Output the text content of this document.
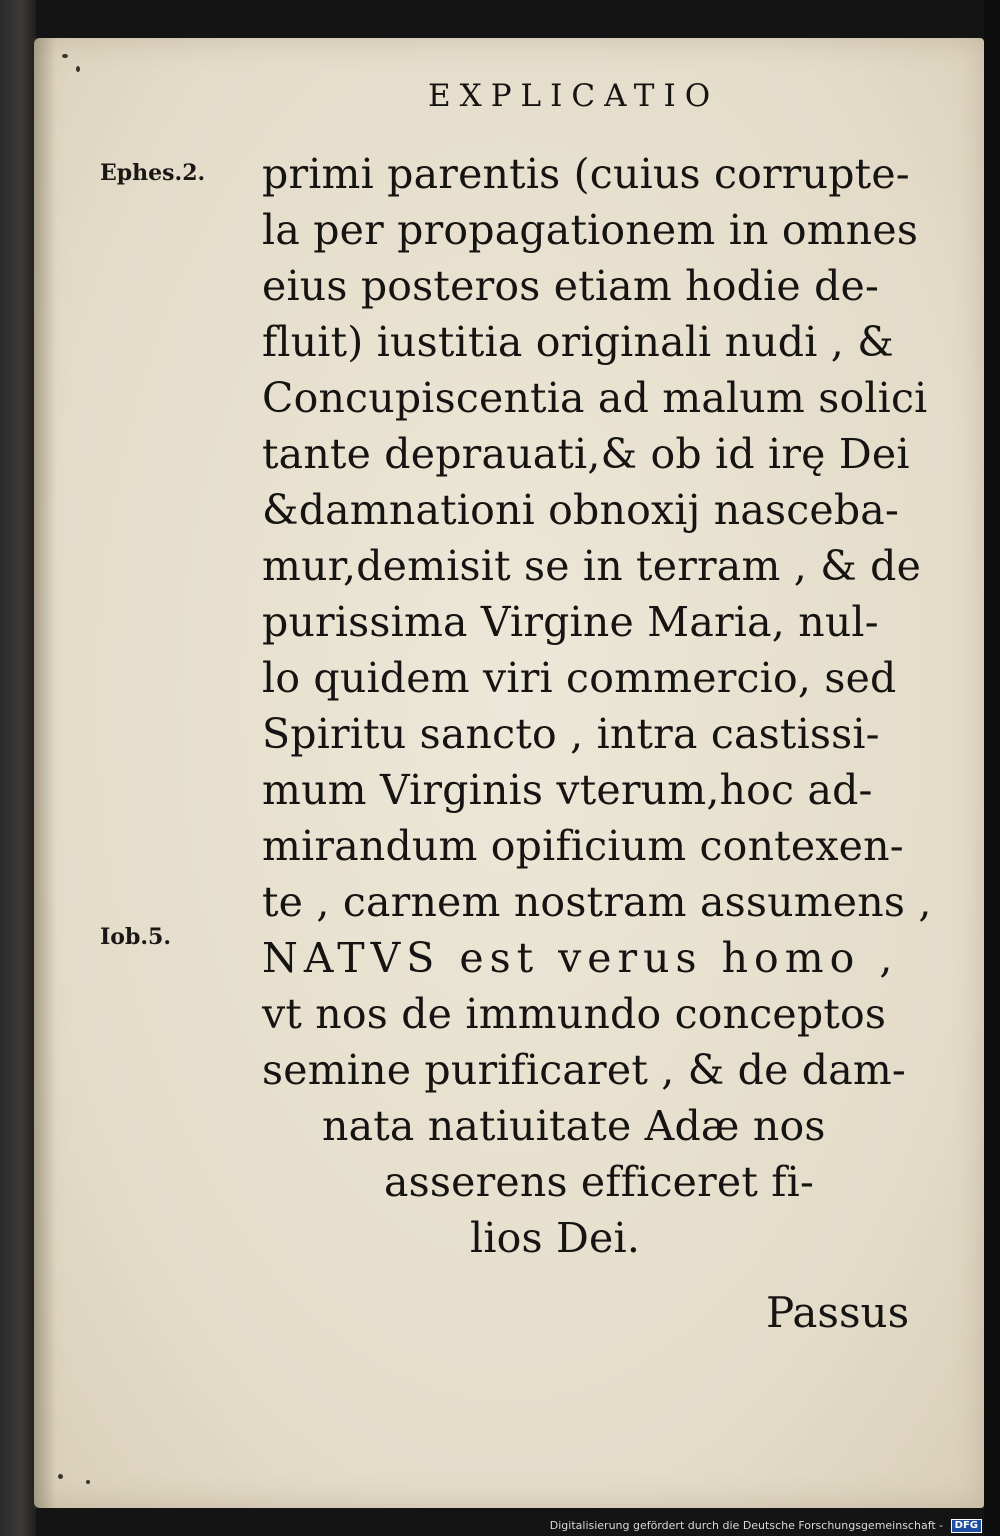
EXPLICATIO

Ephes.2.
Iob.5.

primi parentis (cuius corrupte-

la per propagationem in omnes

eius posteros etiam hodie de-

fluit) iustitia originali nudi , &

Concupiscentia ad malum solici

tante deprauati,& ob id irę Dei

&damnationi obnoxij nasceba-

mur,demisit se in terram , & de

purissima Virgine Maria, nul-

lo quidem viri commercio, sed

Spiritu sancto , intra castissi-

mum Virginis vterum,hoc ad-

mirandum opificium contexen-

te , carnem nostram assumens ,

NATVS est verus homo ,

vt nos de immundo conceptos

semine purificaret , & de dam-

nata natiuitate Adæ nos

asserens efficeret fi-

lios Dei.

Passus

Digitalisierung gefördert durch die Deutsche Forschungsgemeinschaft - DFG
